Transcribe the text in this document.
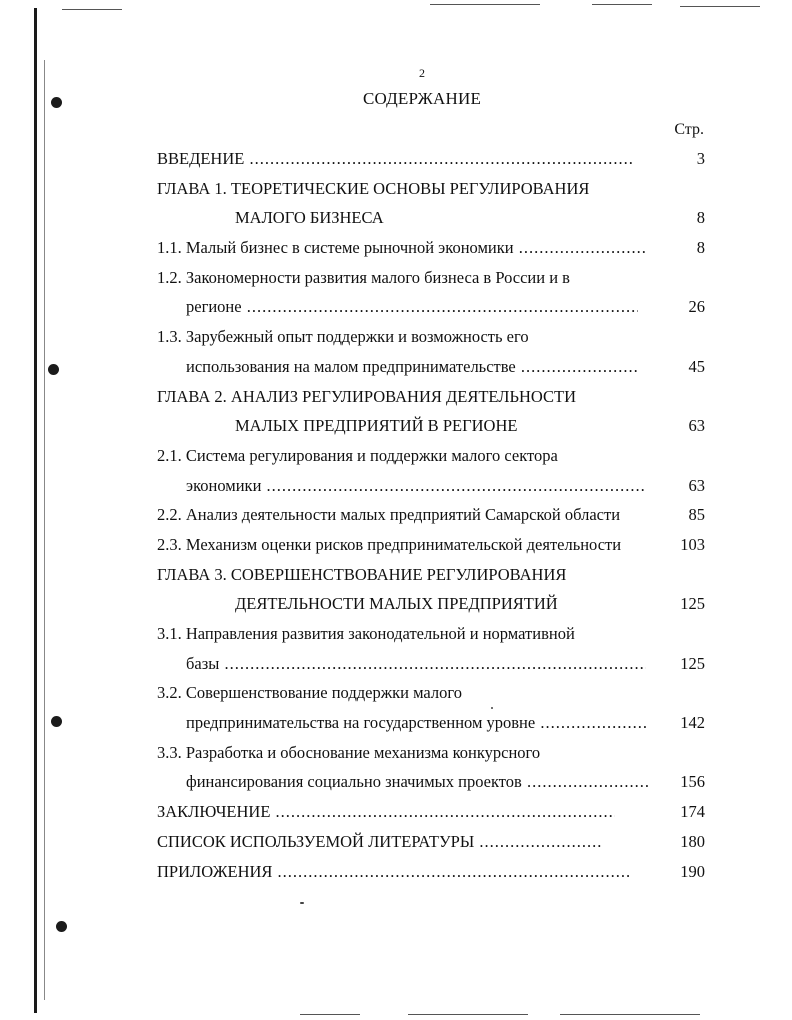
2
СОДЕРЖАНИЕ
Стр.
ВВЕДЕНИЕ .....	3
ГЛАВА 1. ТЕОРЕТИЧЕСКИЕ ОСНОВЫ РЕГУЛИРОВАНИЯ
МАЛОГО БИЗНЕСА	8
1.1. Малый бизнес в системе рыночной экономики .....	8
1.2. Закономерности развития малого бизнеса в России и в
регионе .....	26
1.3. Зарубежный опыт поддержки и возможность его
использования на малом предпринимательстве .....	45
ГЛАВА 2. АНАЛИЗ РЕГУЛИРОВАНИЯ ДЕЯТЕЛЬНОСТИ
МАЛЫХ ПРЕДПРИЯТИЙ В РЕГИОНЕ	63
2.1. Система регулирования и поддержки малого сектора
экономики .....	63
2.2. Анализ деятельности малых предприятий Самарской области	85
2.3. Механизм оценки рисков предпринимательской деятельности	103
ГЛАВА 3. СОВЕРШЕНСТВОВАНИЕ РЕГУЛИРОВАНИЯ
ДЕЯТЕЛЬНОСТИ МАЛЫХ ПРЕДПРИЯТИЙ	125
3.1. Направления развития законодательной и нормативной
базы .....	125
3.2. Совершенствование поддержки малого
предпринимательства на государственном уровне .....	142
3.3. Разработка и обоснование механизма конкурсного
финансирования социально значимых проектов .....	156
ЗАКЛЮЧЕНИЕ .....	174
СПИСОК ИСПОЛЬЗУЕМОЙ ЛИТЕРАТУРЫ .....	180
ПРИЛОЖЕНИЯ .....	190
